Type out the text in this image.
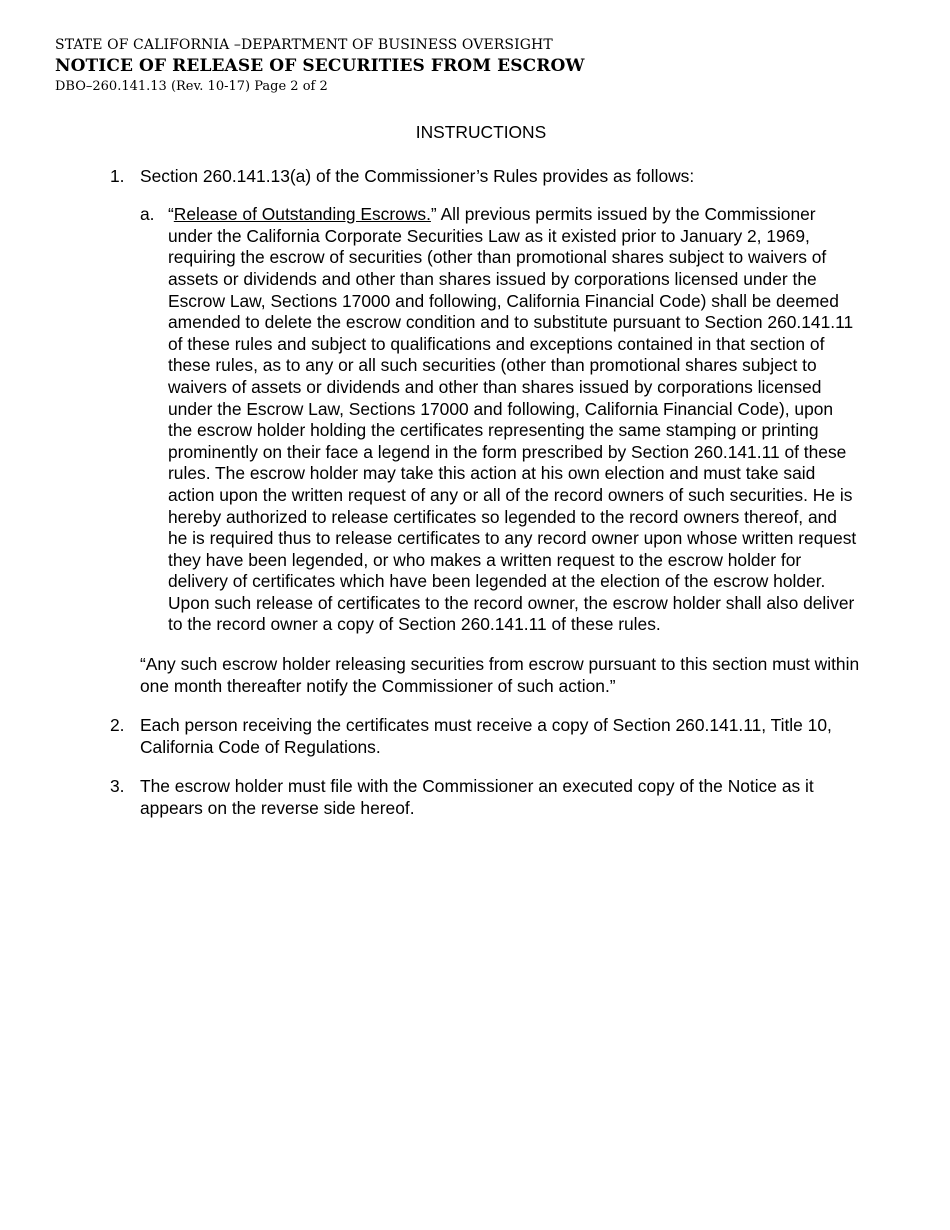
STATE OF CALIFORNIA –DEPARTMENT OF BUSINESS OVERSIGHT
NOTICE OF RELEASE OF SECURITIES FROM ESCROW
DBO–260.141.13 (Rev. 10-17) Page 2 of 2
INSTRUCTIONS
1. Section 260.141.13(a) of the Commissioner’s Rules provides as follows:
a. “Release of Outstanding Escrows.” All previous permits issued by the Commissioner under the California Corporate Securities Law as it existed prior to January 2, 1969, requiring the escrow of securities (other than promotional shares subject to waivers of assets or dividends and other than shares issued by corporations licensed under the Escrow Law, Sections 17000 and following, California Financial Code) shall be deemed amended to delete the escrow condition and to substitute pursuant to Section 260.141.11 of these rules and subject to qualifications and exceptions contained in that section of these rules, as to any or all such securities (other than promotional shares subject to waivers of assets or dividends and other than shares issued by corporations licensed under the Escrow Law, Sections 17000 and following, California Financial Code), upon the escrow holder holding the certificates representing the same stamping or printing prominently on their face a legend in the form prescribed by Section 260.141.11 of these rules. The escrow holder may take this action at his own election and must take said action upon the written request of any or all of the record owners of such securities. He is hereby authorized to release certificates so legended to the record owners thereof, and he is required thus to release certificates to any record owner upon whose written request they have been legended, or who makes a written request to the escrow holder for delivery of certificates which have been legended at the election of the escrow holder. Upon such release of certificates to the record owner, the escrow holder shall also deliver to the record owner a copy of Section 260.141.11 of these rules.
“Any such escrow holder releasing securities from escrow pursuant to this section must within one month thereafter notify the Commissioner of such action.”
2. Each person receiving the certificates must receive a copy of Section 260.141.11, Title 10, California Code of Regulations.
3. The escrow holder must file with the Commissioner an executed copy of the Notice as it appears on the reverse side hereof.
